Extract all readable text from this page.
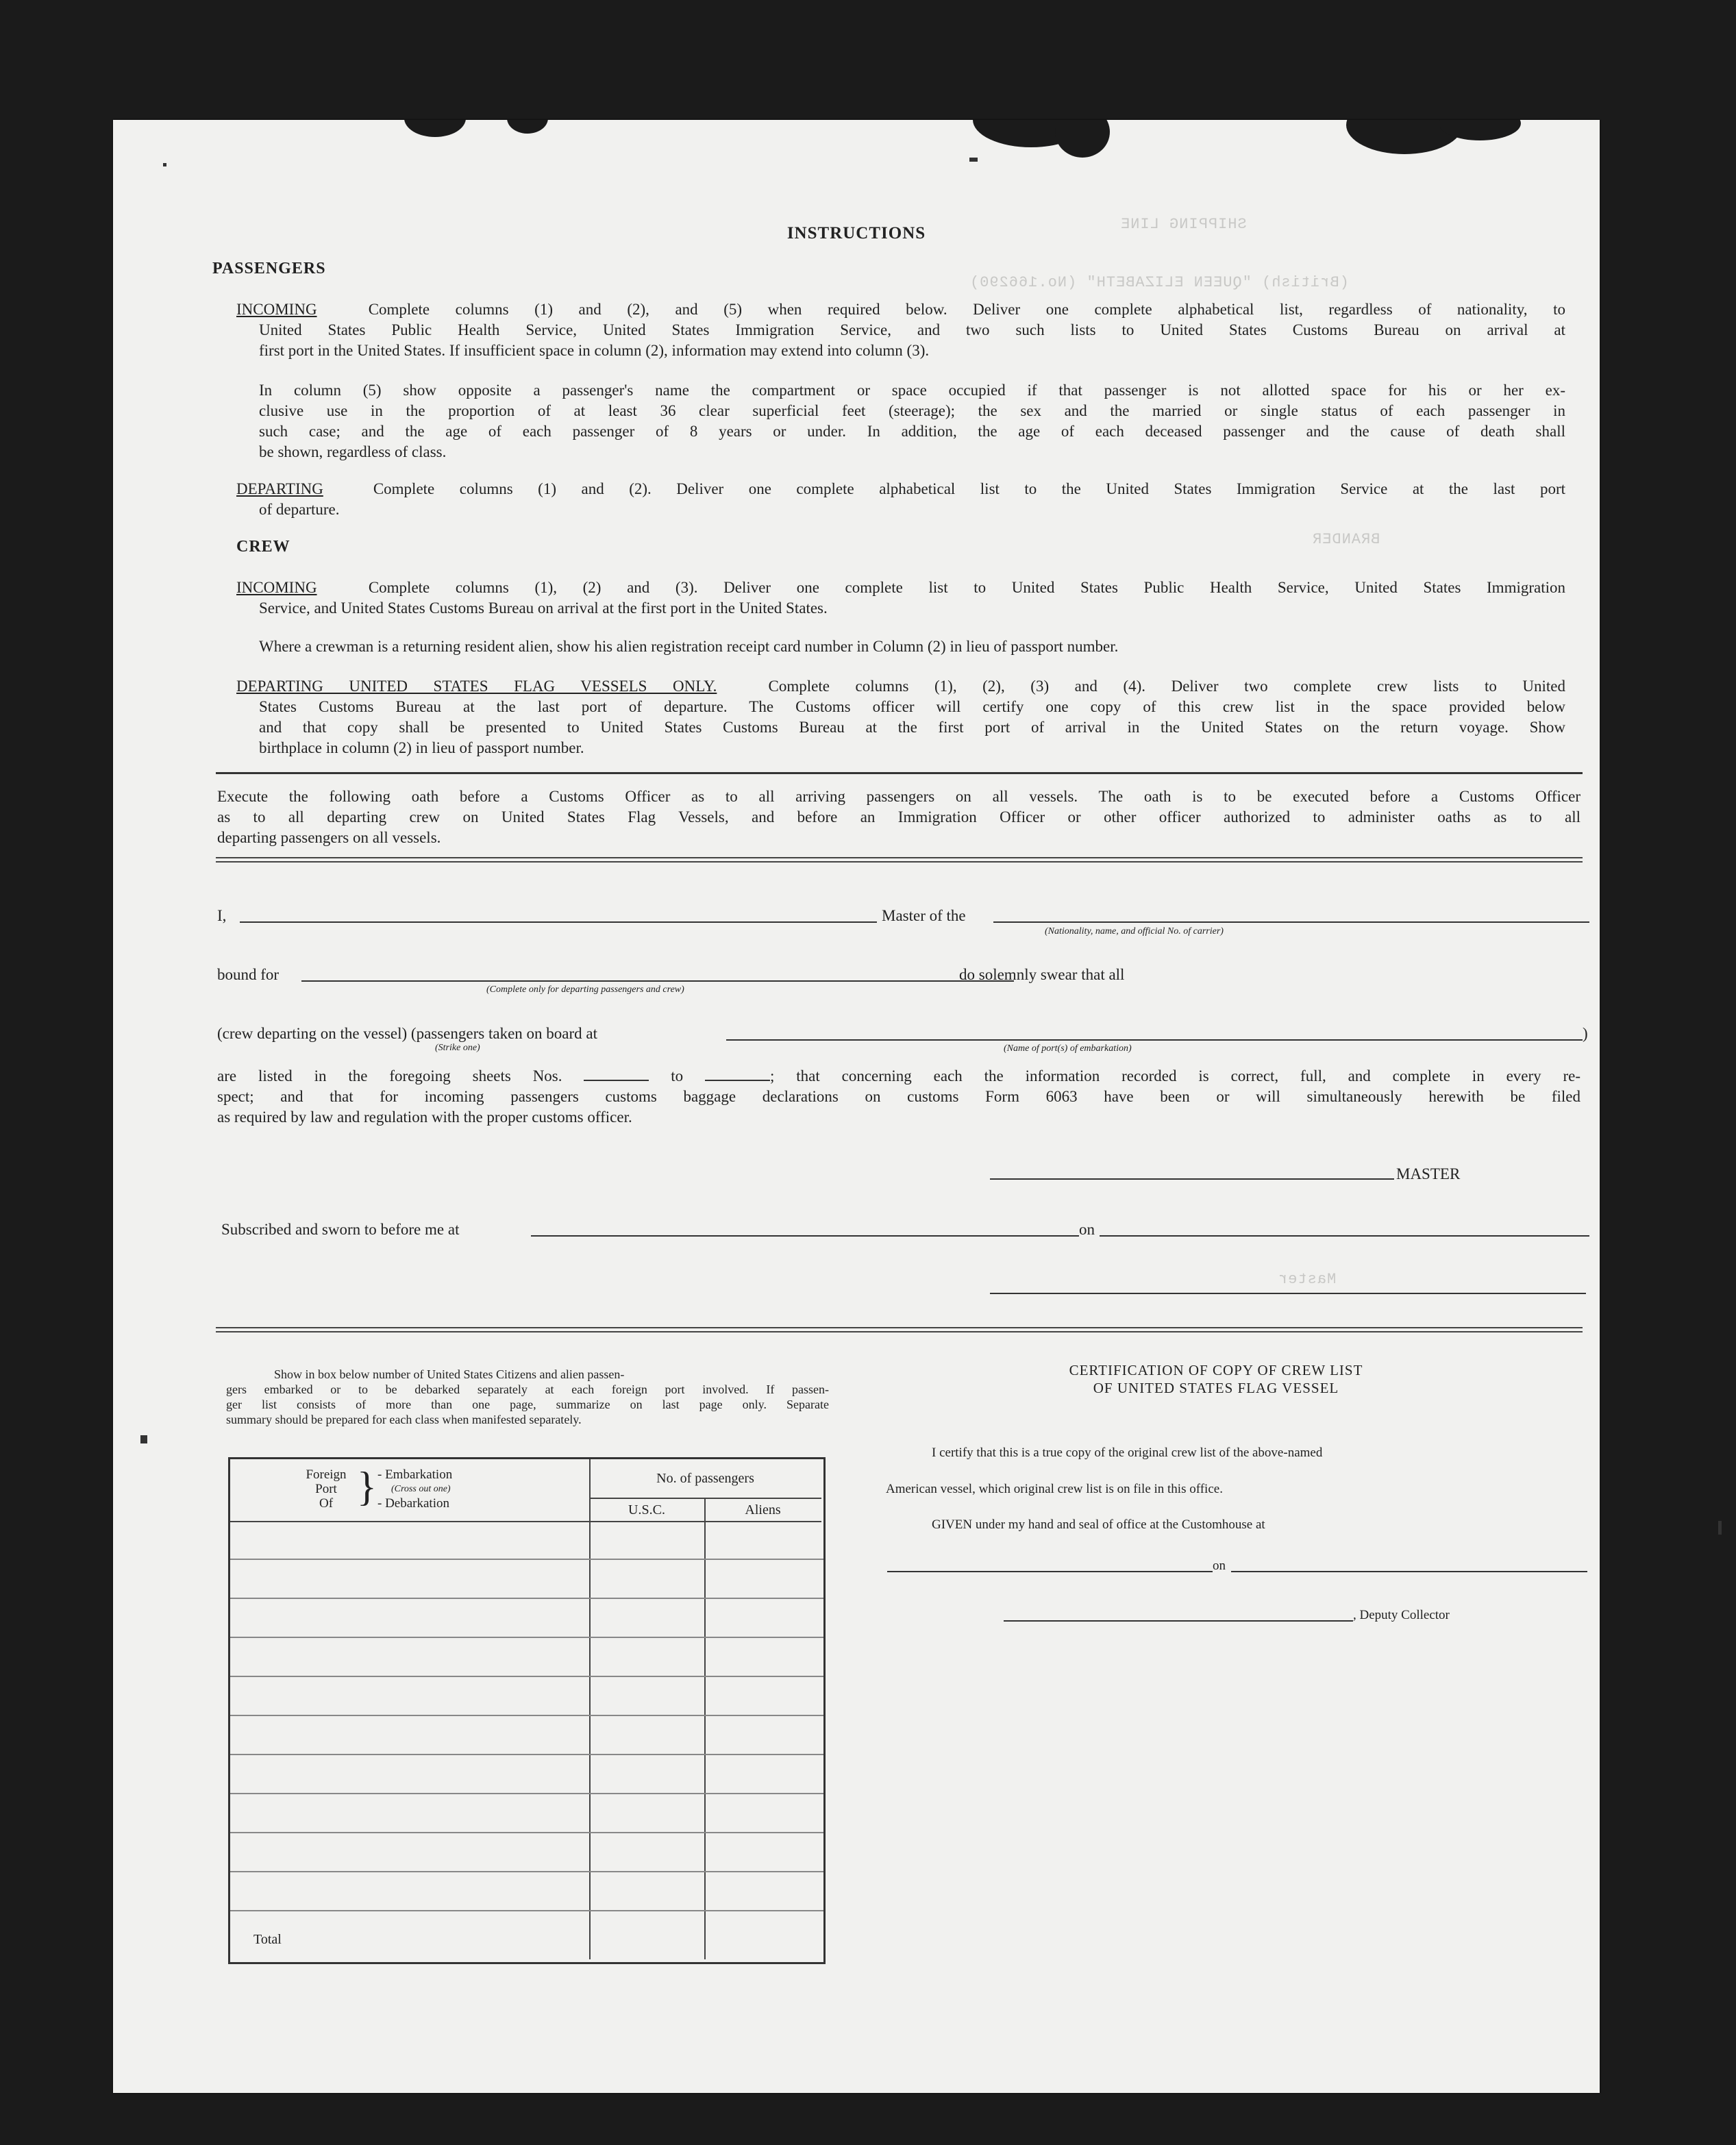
SHIPPING LINE
(British) "QUEEN ELIZABETH" (No.166290)
BRANDER
Master
INSTRUCTIONS
PASSENGERS
INCOMING	Complete columns (1) and (2), and (5) when required below. Deliver one complete alphabetical list, regardless of nationality, to
United States Public Health Service, United States Immigration Service, and two such lists to United States Customs Bureau on arrival at
first port in the United States. If insufficient space in column (2), information may extend into column (3).
In column (5) show opposite a passenger's name the compartment or space occupied if that passenger is not allotted space for his or her ex-
clusive use in the proportion of at least 36 clear superficial feet (steerage); the sex and the married or single status of each passenger in
such case; and the age of each passenger of 8 years or under. In addition, the age of each deceased passenger and the cause of death shall
be shown, regardless of class.
DEPARTING	Complete columns (1) and (2). Deliver one complete alphabetical list to the United States Immigration Service at the last port
of departure.
CREW
INCOMING	Complete columns (1), (2) and (3). Deliver one complete list to United States Public Health Service, United States Immigration
Service, and United States Customs Bureau on arrival at the first port in the United States.
Where a crewman is a returning resident alien, show his alien registration receipt card number in Column (2) in lieu of passport number.
DEPARTING UNITED STATES FLAG VESSELS ONLY.	Complete columns (1), (2), (3) and (4). Deliver two complete crew lists to United
States Customs Bureau at the last port of departure. The Customs officer will certify one copy of this crew list in the space provided below
and that copy shall be presented to United States Customs Bureau at the first port of arrival in the United States on the return voyage. Show
birthplace in column (2) in lieu of passport number.
Execute the following oath before a Customs Officer as to all arriving passengers on all vessels. The oath is to be executed before a Customs Officer
as to all departing crew on United States Flag Vessels, and before an Immigration Officer or other officer authorized to administer oaths as to all
departing passengers on all vessels.
I,	Master of the
(Nationality, name, and official No. of carrier)
bound for
(Complete only for departing passengers and crew)
do solemnly swear that all
(crew departing on the vessel) (passengers taken on board at
(Strike one)	(Name of port(s) of embarkation)
)
are listed in the foregoing sheets Nos.	to	; that concerning each the information recorded is correct, full, and complete in every re-
spect; and that for incoming passengers customs baggage declarations on customs Form 6063 have been or will simultaneously herewith be filed
as required by law and regulation with the proper customs officer.
MASTER
Subscribed and sworn to before me at	on
Show in box below number of United States Citizens and alien passen-
gers embarked or to be debarked separately at each foreign port involved. If passen-
ger list consists of more than one page, summarize on last page only. Separate
summary should be prepared for each class when manifested separately.
Foreign
Port
Of } - Embarkation
(Cross out one)
- Debarkation
No. of passengers
U.S.C.	Aliens
Total
CERTIFICATION OF COPY OF CREW LIST
OF UNITED STATES FLAG VESSEL
I certify that this is a true copy of the original crew list of the above-named
American vessel, which original crew list is on file in this office.
GIVEN under my hand and seal of office at the Customhouse at
on
, Deputy Collector
